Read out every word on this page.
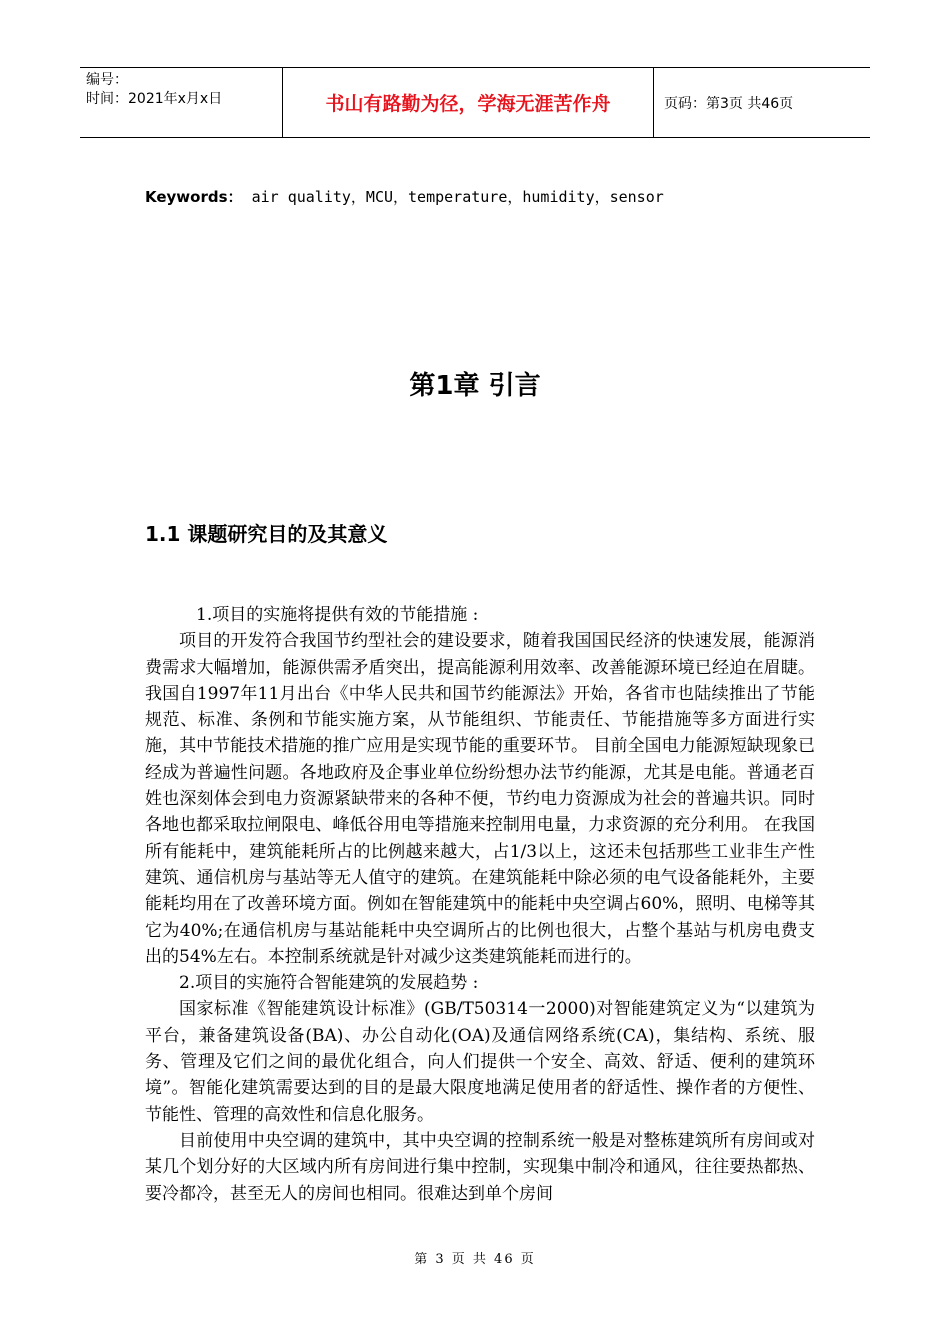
编号：
时间：2021年x月x日	书山有路勤为径，学海无涯苦作舟	页码：第3页 共46页
Keywords： air quality，MCU，temperature，humidity，sensor
第1章 引言
1.1 课题研究目的及其意义

1.项目的实施将提供有效的节能措施 :

项目的开发符合我国节约型社会的建设要求，随着我国国民经济的快速发展，能源消费需求大幅增加，能源供需矛盾突出，提高能源利用效率、改善能源环境已经迫在眉睫。我国自1997年11月出台《中华人民共和国节约能源法》开始，各省市也陆续推出了节能规范、标准、条例和节能实施方案，从节能组织、节能责任、节能措施等多方面进行实施，其中节能技术措施的推广应用是实现节能的重要环节。 目前全国电力能源短缺现象已经成为普遍性问题。各地政府及企事业单位纷纷想办法节约能源，尤其是电能。普通老百姓也深刻体会到电力资源紧缺带来的各种不便，节约电力资源成为社会的普遍共识。同时各地也都采取拉闸限电、峰低谷用电等措施来控制用电量，力求资源的充分利用。 在我国所有能耗中，建筑能耗所占的比例越来越大，占1/3以上，这还未包括那些工业非生产性建筑、通信机房与基站等无人值守的建筑。在建筑能耗中除必须的电气设备能耗外，主要能耗均用在了改善环境方面。例如在智能建筑中的能耗中央空调占60%，照明、电梯等其它为40%;在通信机房与基站能耗中央空调所占的比例也很大，占整个基站与机房电费支出的54%左右。本控制系统就是针对减少这类建筑能耗而进行的。

2.项目的实施符合智能建筑的发展趋势 :

国家标准《智能建筑设计标准》(GB/T50314一2000)对智能建筑定义为“以建筑为平台，兼备建筑设备(BA)、办公自动化(OA)及通信网络系统(CA)，集结构、系统、服务、管理及它们之间的最优化组合，向人们提供一个安全、高效、舒适、便利的建筑环境”。智能化建筑需要达到的目的是最大限度地满足使用者的舒适性、操作者的方便性、节能性、管理的高效性和信息化服务。

目前使用中央空调的建筑中，其中央空调的控制系统一般是对整栋建筑所有房间或对某几个划分好的大区域内所有房间进行集中控制，实现集中制冷和通风，往往要热都热、要冷都冷，甚至无人的房间也相同。很难达到单个房间

第 3 页 共 46 页
